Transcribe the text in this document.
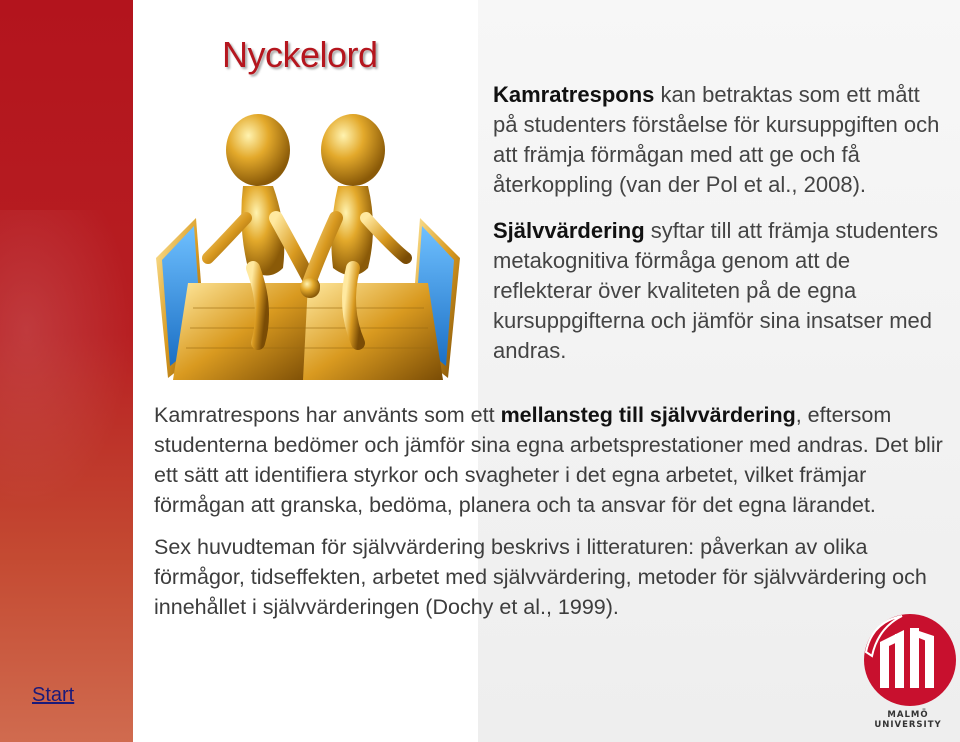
Nyckelord

Kamratrespons kan betraktas som ett mått på studenters förståelse för kursuppgiften och att främja förmågan med att ge och få återkoppling (van der Pol et al., 2008).

Självvärdering syftar till att främja studenters metakognitiva förmåga genom att de reflekterar över kvaliteten på de egna kursuppgifterna och jämför sina insatser med andras.

Kamratrespons har använts som ett mellansteg till självvärdering, eftersom studenterna bedömer och jämför sina egna arbetsprestationer med andras. Det blir ett sätt att identifiera styrkor och svagheter i det egna arbetet, vilket främjar förmågan att granska, bedöma, planera och ta ansvar för det egna lärandet.

Sex huvudteman för självvärdering beskrivs i litteraturen: påverkan av olika förmågor, tidseffekten, arbetet med självvärdering, metoder för självvärdering och innehållet i självvärderingen (Dochy et al., 1999).

Start
MALMÖ UNIVERSITY
